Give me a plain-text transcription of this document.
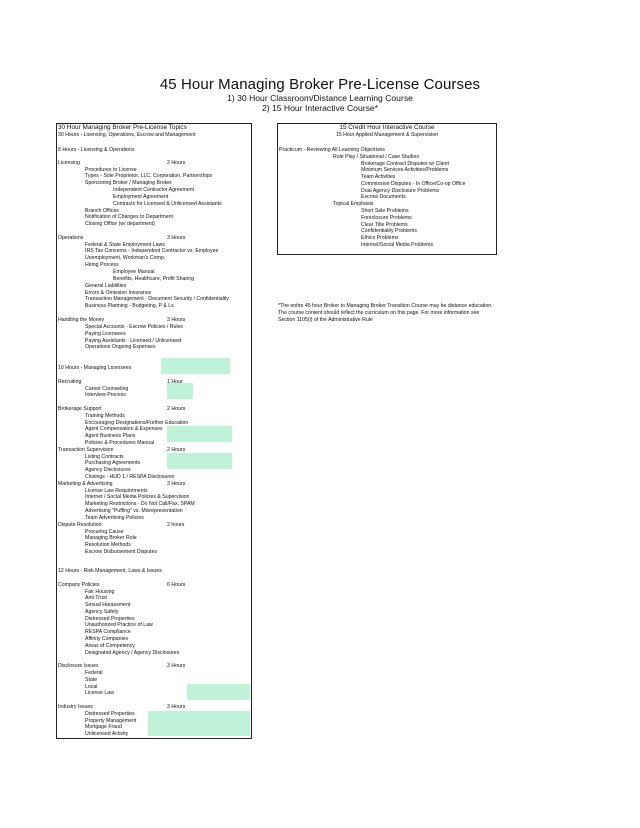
45 Hour Managing Broker Pre-License Courses
1) 30 Hour Classroom/Distance Learning Course
2) 15 Hour Interactive Course*
30 Hour Managing Broker Pre-License Topics
30 Hours - Licensing, Operations, Escrow and Management
8 Hours - Licensing & Operations
Licensing	2 Hours
Procedures to License
Types - Sole Proprietor, LLC, Corporation, Partnerships
Sponsoring Broker / Managing Broker
Independent Contractor Agreement
Employment Agreement
Contracts for Licensed & Unlicensed Assistants
Branch Offices
Notification of Changes to Department
Closing Office (w/ department)
Operations	3 Hours
Federal & State Employment Laws
IRS Tax Concerns - Independent Contractor vs. Employee
Unemployment, Workman's Comp.
Hiring Process
Employee Manual
Benefits, Healthcare, Profit Sharing
General Liabilities
Errors & Omission Insurance
Transaction Management - Document Security / Confidentiality
Business Planning - Budgeting, P & Ls
Handling the Money	3 Hours
Special Accounts - Escrow Policies / Rules
Paying Licensees
Paying Assistants - Licensed / Unlicensed
Operations Ongoing Expenses
10 Hours - Managing Licensees
Recruiting	1 Hour
Career Counseling
Interview Process
Brokerage Support	2 Hours
Training Methods
Encouraging Designations/Further Education
Agent Compensation & Expenses
Agent Business Plans
Policies & Procedures Manual
Transaction Supervision	2 Hours
Listing Contracts
Purchasing Agreements
Agency Disclosures
Closings - HUD 1 / RESPA Disclosures
Marketing & Advertising	3 Hours
License Law Requirements
Internet / Social Media Policies & Supervision
Marketing Restrictions - Do Not Call/Fax, SPAM
Advertising "Puffing" vs. Misrepresentation
Team Advertising Policies
Dispute Resolution	2 hours
Procuring Cause
Managing Broker Role
Resolution Methods
Escrow Disbursement Disputes
12 Hours - Risk Management, Laws & Issues
Company Policies	6 Hours
Fair Housing
Anti Trust
Sexual Harassment
Agency Safety
Distressed Properties
Unauthorized Practice of Law
RESPA Compliance
Affinity Companies
Areas of Competency
Designated Agency / Agency Disclosures
Disclosure Issues	3 Hours
Federal
State
Local
License Law
Industry Issues	3 Hours
Distressed Properties
Property Management
Mortgage Fraud
Unlicensed Activity
15 Credit Hour Interactive Course
15 Hour Applied Management & Supervision
Practicum - Reviewing All Learning Objectives
Role Play / Situational / Case Studies
Brokerage Contract Disputes w/ Client
Minimum Services Activities/Problems
Team Activities
Commission Disputes - In Office/Co-op Office
Dual Agency Disclosure Problems
Escrow Documents
Topical Emphasis
Short Sale Problems
Foreclosure Problems
Clear Title Problems
Confidentiality Problems
Ethics Problems
Internet/Social Media Problems
*The entire 45 hour Broker to Managing Broker Transition Course may be distance education.
The course content should reflect the curriculum on this page. For more information see
Section 1105(i) of the Administrative Rule
